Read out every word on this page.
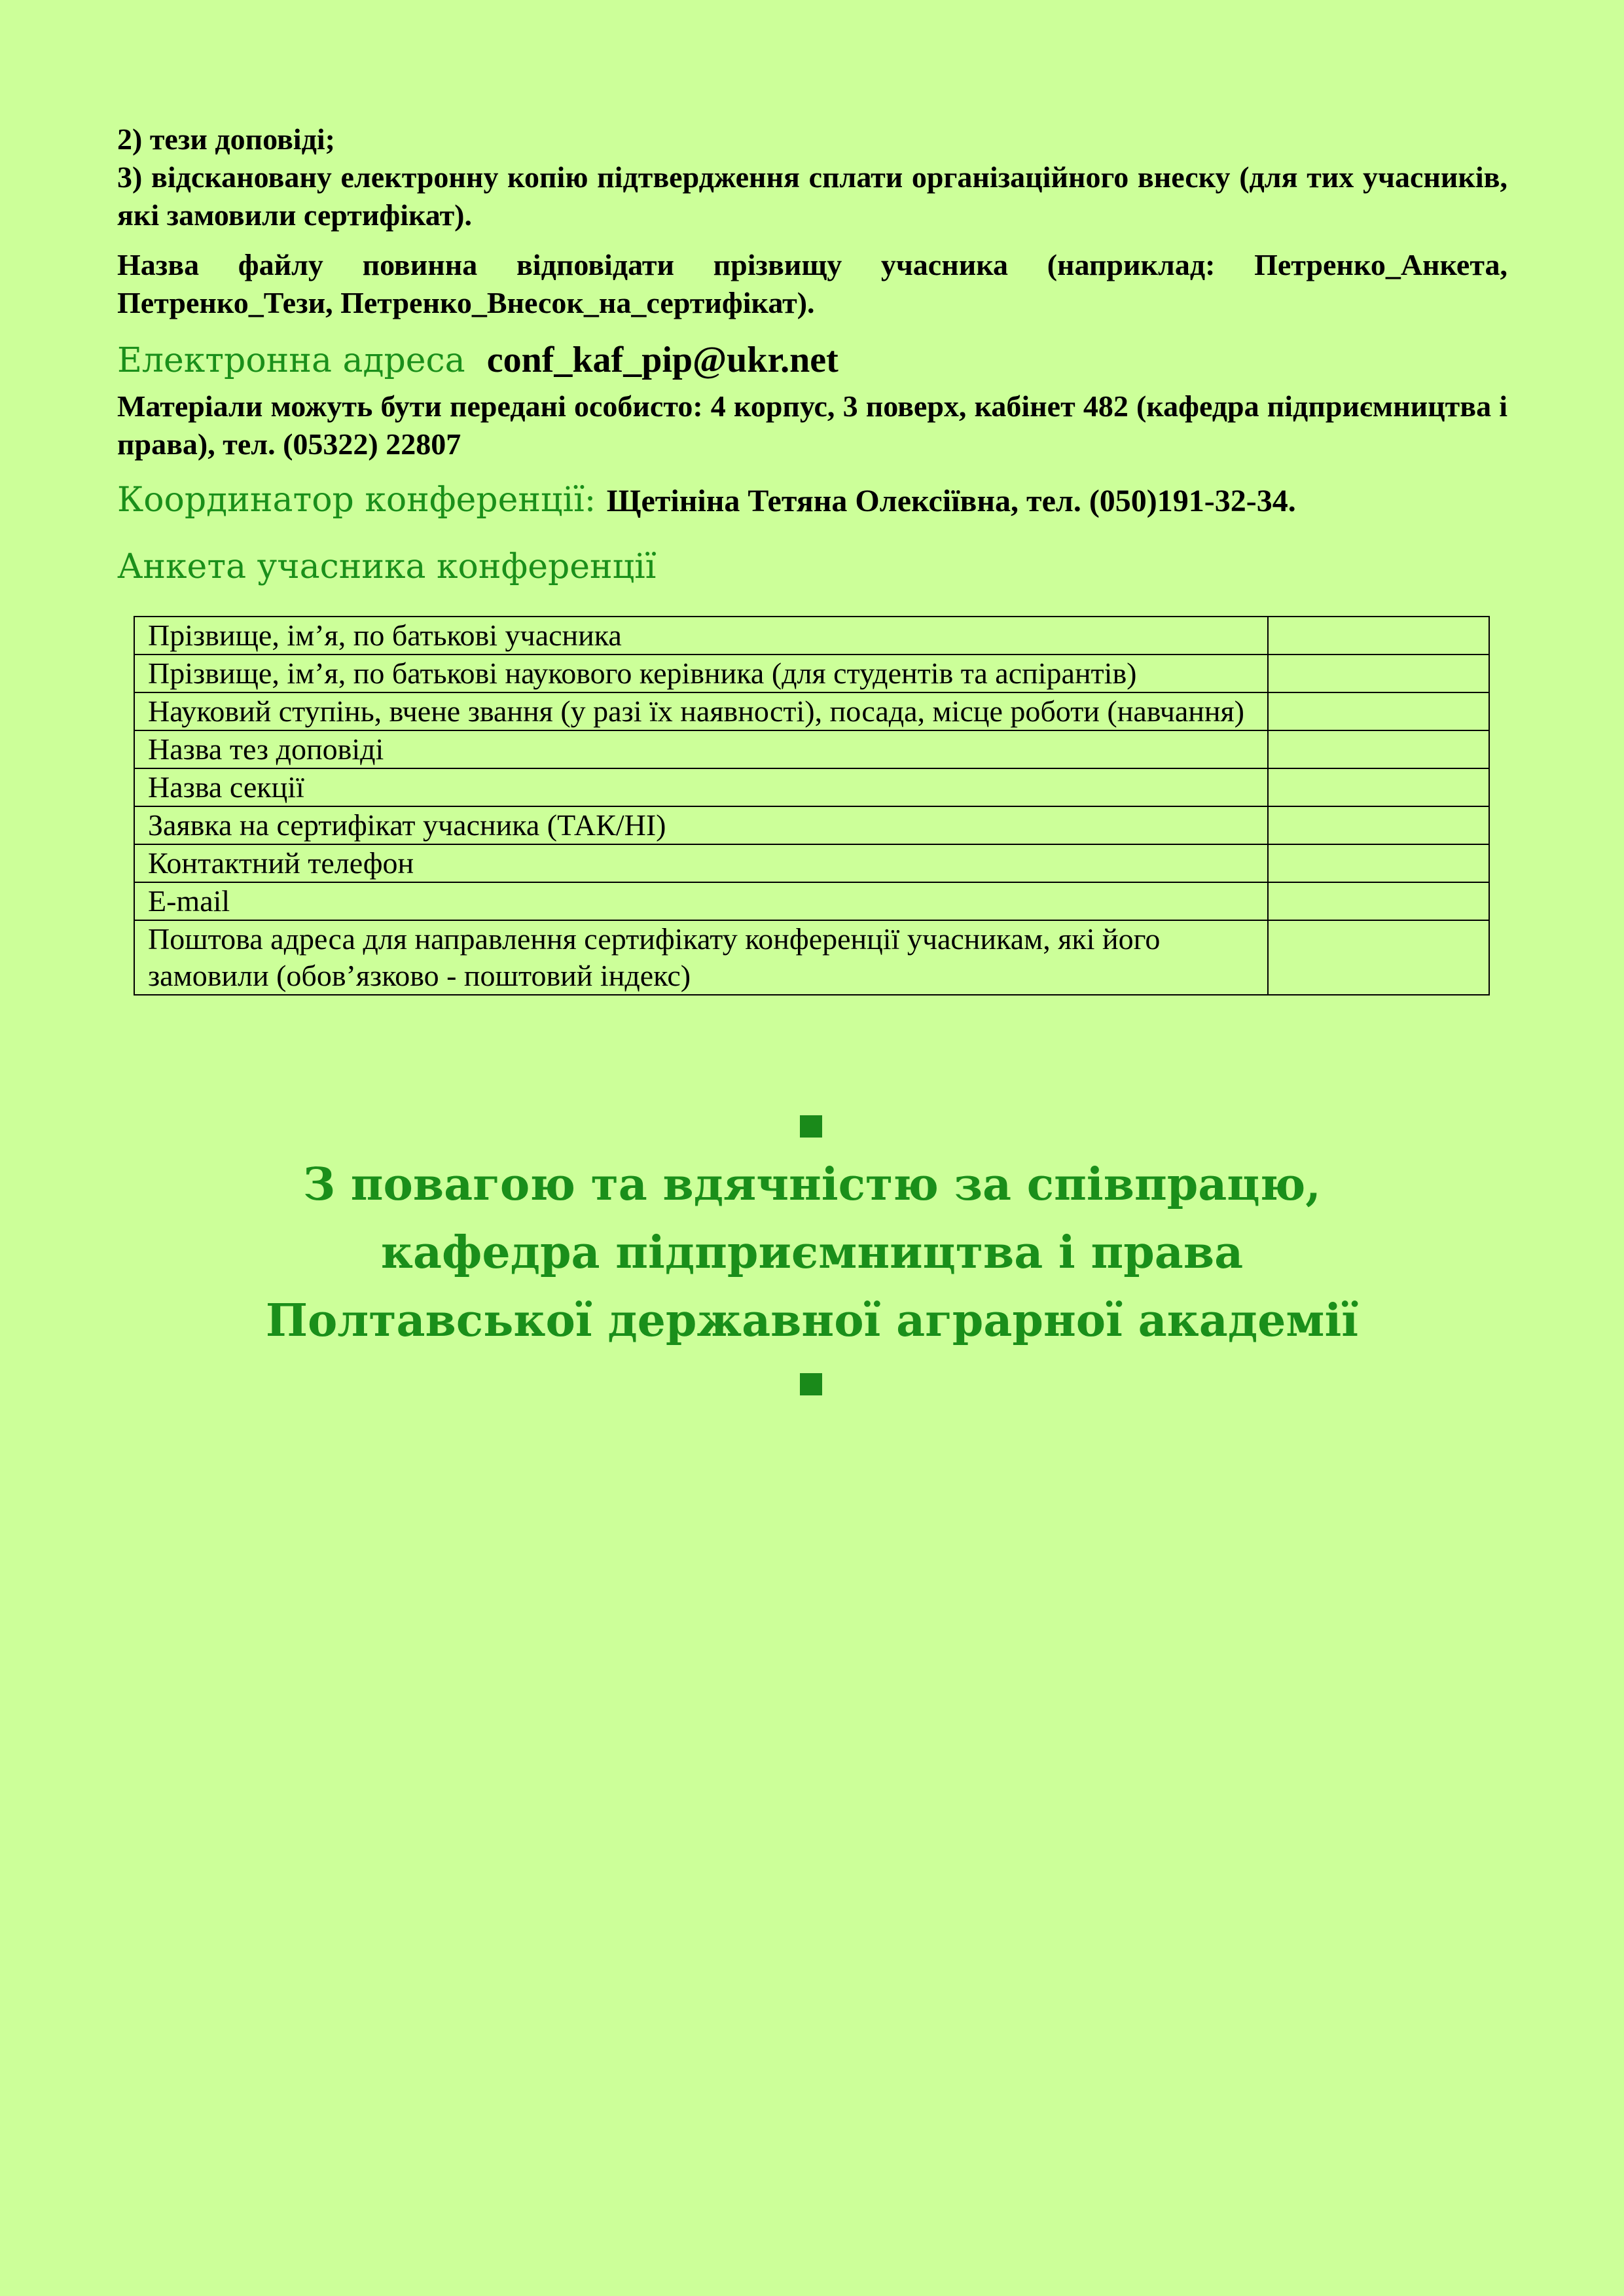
2) тези доповіді;

3) відскановану електронну копію підтвердження сплати організаційного внеску (для тих учасників, які замовили сертифікат).

Назва файлу повинна відповідати прізвищу учасника (наприклад: Петренко_Анкета, Петренко_Тези, Петренко_Внесок_на_сертифікат).

Електронна адреса conf_kaf_pip@ukr.net

Матеріали можуть бути передані особисто: 4 корпус, 3 поверх, кабінет 482 (кафедра підприємництва і права), тел. (05322) 22807

Координатор конференції: Щетініна Тетяна Олексіївна, тел. (050)191-32-34.

Анкета учасника конференції

Прізвище, ім’я, по батькові учасника	
Прізвище, ім’я, по батькові наукового керівника (для студентів та аспірантів)	
Науковий ступінь, вчене звання (у разі їх наявності), посада, місце роботи (навчання)	
Назва тез доповіді	
Назва секції	
Заявка на сертифікат учасника (ТАК/НІ)	
Контактний телефон	
E-mail	
Поштова адреса для направлення сертифікату конференції учасникам, які його замовили (обов’язково - поштовий індекс)	
З повагою та вдячністю за співпрацю,
кафедра підприємництва і права
Полтавської державної аграрної академії
